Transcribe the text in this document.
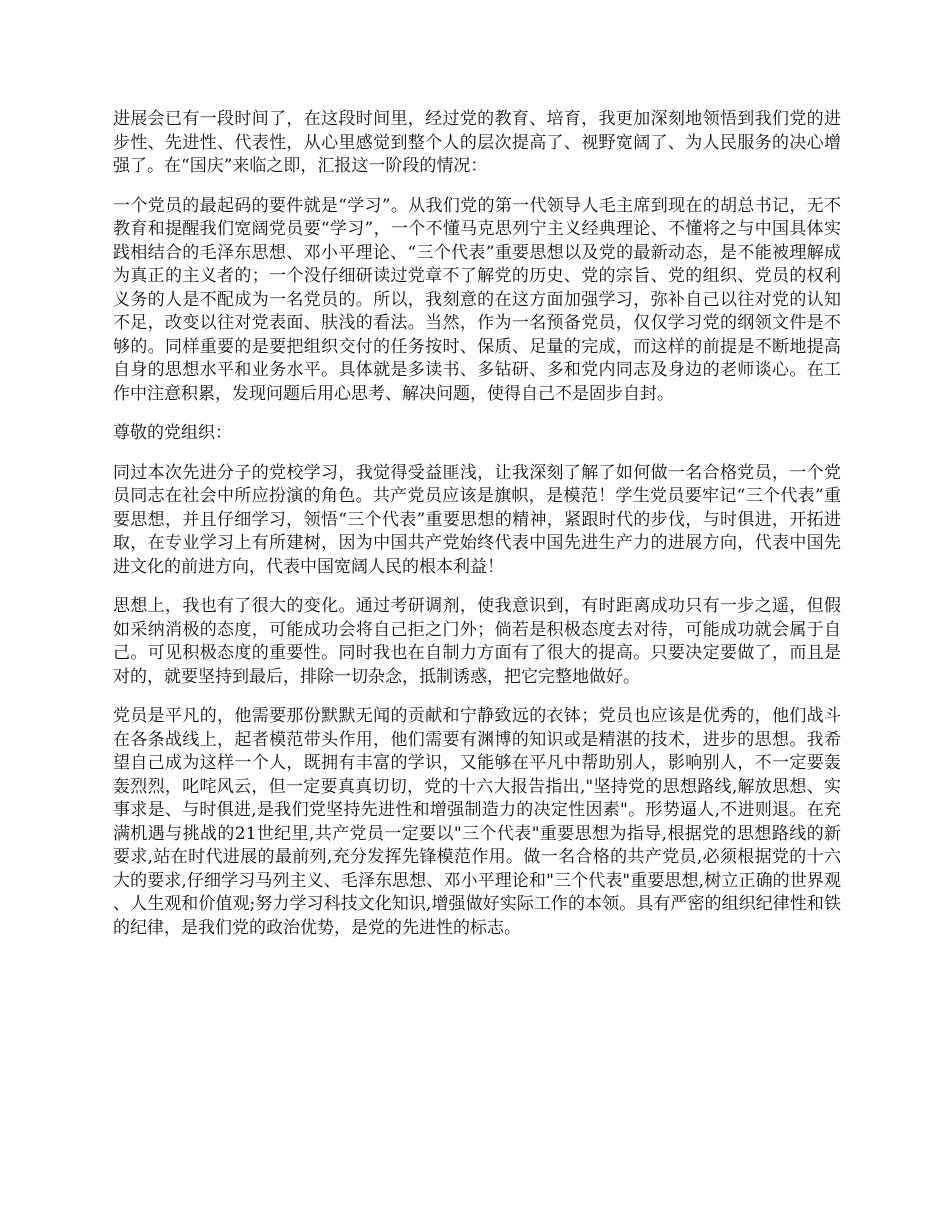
进展会已有一段时间了，在这段时间里，经过党的教育、培育，我更加深刻地领悟到我们党的进步性、先进性、代表性，从心里感觉到整个人的层次提高了、视野宽阔了、为人民服务的决心增强了。在“国庆”来临之即，汇报这一阶段的情况：

一个党员的最起码的要件就是“学习”。从我们党的第一代领导人毛主席到现在的胡总书记，无不教育和提醒我们宽阔党员要“学习”，一个不懂马克思列宁主义经典理论、不懂将之与中国具体实践相结合的毛泽东思想、邓小平理论、“三个代表”重要思想以及党的最新动态，是不能被理解成为真正的主义者的；一个没仔细研读过党章不了解党的历史、党的宗旨、党的组织、党员的权利义务的人是不配成为一名党员的。所以，我刻意的在这方面加强学习，弥补自己以往对党的认知不足，改变以往对党表面、肤浅的看法。当然，作为一名预备党员，仅仅学习党的纲领文件是不够的。同样重要的是要把组织交付的任务按时、保质、足量的完成，而这样的前提是不断地提高自身的思想水平和业务水平。具体就是多读书、多钻研、多和党内同志及身边的老师谈心。在工作中注意积累，发现问题后用心思考、解决问题，使得自己不是固步自封。

尊敬的党组织：

同过本次先进分子的党校学习，我觉得受益匪浅，让我深刻了解了如何做一名合格党员，一个党员同志在社会中所应扮演的角色。共产党员应该是旗帜，是模范！学生党员要牢记“三个代表”重要思想，并且仔细学习，领悟“三个代表”重要思想的精神，紧跟时代的步伐，与时俱进，开拓进取，在专业学习上有所建树，因为中国共产党始终代表中国先进生产力的进展方向，代表中国先进文化的前进方向，代表中国宽阔人民的根本利益！

思想上，我也有了很大的变化。通过考研调剂，使我意识到，有时距离成功只有一步之遥，但假如采纳消极的态度，可能成功会将自己拒之门外；倘若是积极态度去对待，可能成功就会属于自己。可见积极态度的重要性。同时我也在自制力方面有了很大的提高。只要决定要做了，而且是对的，就要坚持到最后，排除一切杂念，抵制诱惑，把它完整地做好。

党员是平凡的，他需要那份默默无闻的贡献和宁静致远的衣钵；党员也应该是优秀的，他们战斗在各条战线上，起者模范带头作用，他们需要有渊博的知识或是精湛的技术，进步的思想。我希望自己成为这样一个人，既拥有丰富的学识，又能够在平凡中帮助别人，影响别人，不一定要轰轰烈烈，叱咤风云，但一定要真真切切，党的十六大报告指出,"坚持党的思想路线,解放思想、实事求是、与时俱进,是我们党坚持先进性和增强制造力的决定性因素"。形势逼人,不进则退。在充满机遇与挑战的21世纪里,共产党员一定要以"三个代表"重要思想为指导,根据党的思想路线的新要求,站在时代进展的最前列,充分发挥先锋模范作用。做一名合格的共产党员,必须根据党的十六大的要求,仔细学习马列主义、毛泽东思想、邓小平理论和"三个代表"重要思想,树立正确的世界观、人生观和价值观;努力学习科技文化知识,增强做好实际工作的本领。具有严密的组织纪律性和铁的纪律，是我们党的政治优势，是党的先进性的标志。
